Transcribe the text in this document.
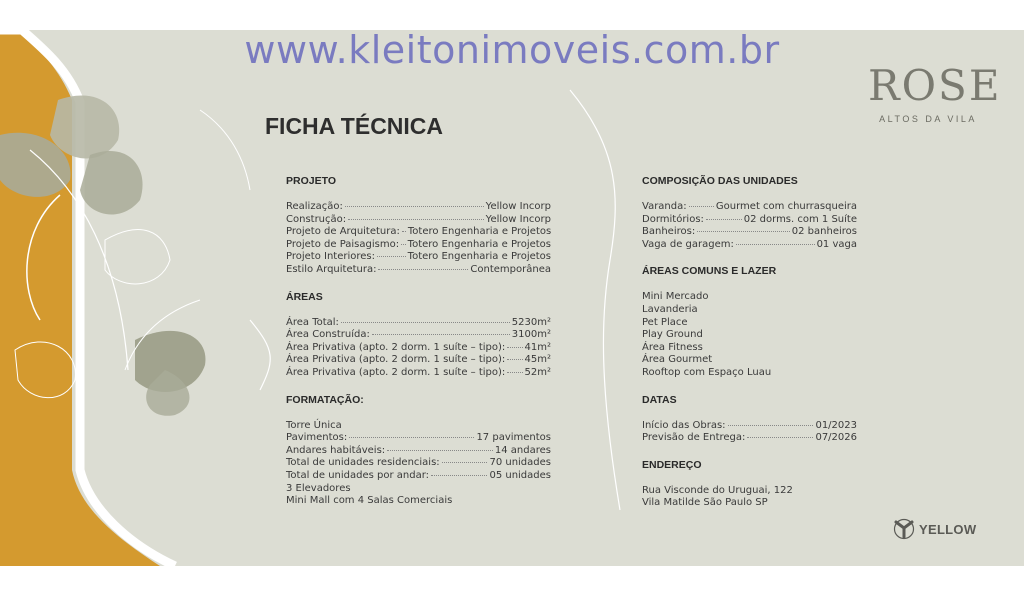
www.kleitonimoveis.com.br
ROSE
ALTOS DA VILA
FICHA TÉCNICA
PROJETO
Realização:	Yellow Incorp
Construção:	Yellow Incorp
Projeto de Arquitetura: Totero Engenharia e Projetos
Projeto de Paisagismo: Totero Engenharia e Projetos
Projeto Interiores:	Totero Engenharia e Projetos
Estilo Arquitetura:	Contemporânea
ÁREAS
Área Total:	5230m²
Área Construída:	3100m²
Área Privativa (apto. 2 dorm. 1 suíte – tipo): 41m²
Área Privativa (apto. 2 dorm. 1 suíte – tipo): 45m²
Área Privativa (apto. 2 dorm. 1 suíte – tipo): 52m²
FORMATAÇÃO:
Torre Única
Pavimentos:	17 pavimentos
Andares habitáveis:	14 andares
Total de unidades residenciais:	70 unidades
Total de unidades por andar:	05 unidades
3 Elevadores
Mini Mall com 4 Salas Comerciais
COMPOSIÇÃO DAS UNIDADES
Varanda:	Gourmet com churrasqueira
Dormitórios:	02 dorms. com 1 Suíte
Banheiros:	02 banheiros
Vaga de garagem:	01 vaga
ÁREAS COMUNS E LAZER
Mini Mercado
Lavanderia
Pet Place
Play Ground
Área Fitness
Área Gourmet
Rooftop com Espaço Luau
DATAS
Início das Obras:	01/2023
Previsão de Entrega:	07/2026
ENDEREÇO
Rua Visconde do Uruguai, 122
Vila Matilde São Paulo SP
YELLOW
